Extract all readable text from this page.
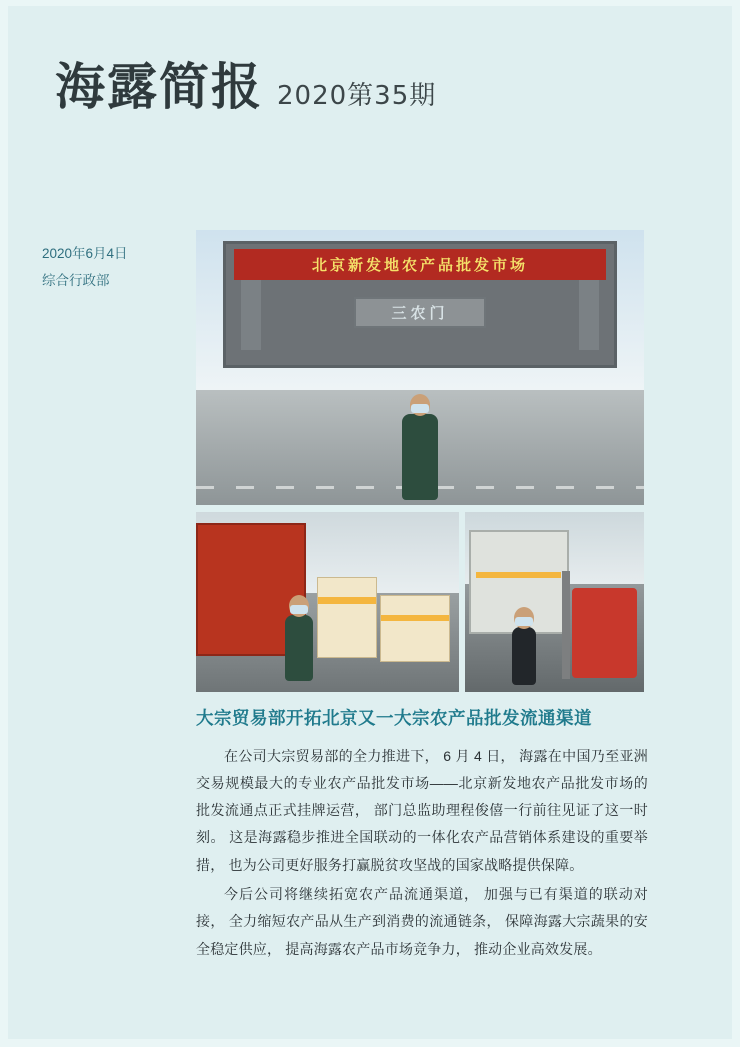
海露简报 2020第35期
2020年6月4日
综合行政部
北京新发地农产品批发市场
三农门
大宗贸易部开拓北京又一大宗农产品批发流通渠道

在公司大宗贸易部的全力推进下， 6 月 4 日， 海露在中国乃至亚洲交易规模最大的专业农产品批发市场——北京新发地农产品批发市场的批发流通点正式挂牌运营， 部门总监助理程俊僖一行前往见证了这一时刻。 这是海露稳步推进全国联动的一体化农产品营销体系建设的重要举措， 也为公司更好服务打赢脱贫攻坚战的国家战略提供保障。

今后公司将继续拓宽农产品流通渠道， 加强与已有渠道的联动对接， 全力缩短农产品从生产到消费的流通链条， 保障海露大宗蔬果的安全稳定供应， 提高海露农产品市场竞争力， 推动企业高效发展。
